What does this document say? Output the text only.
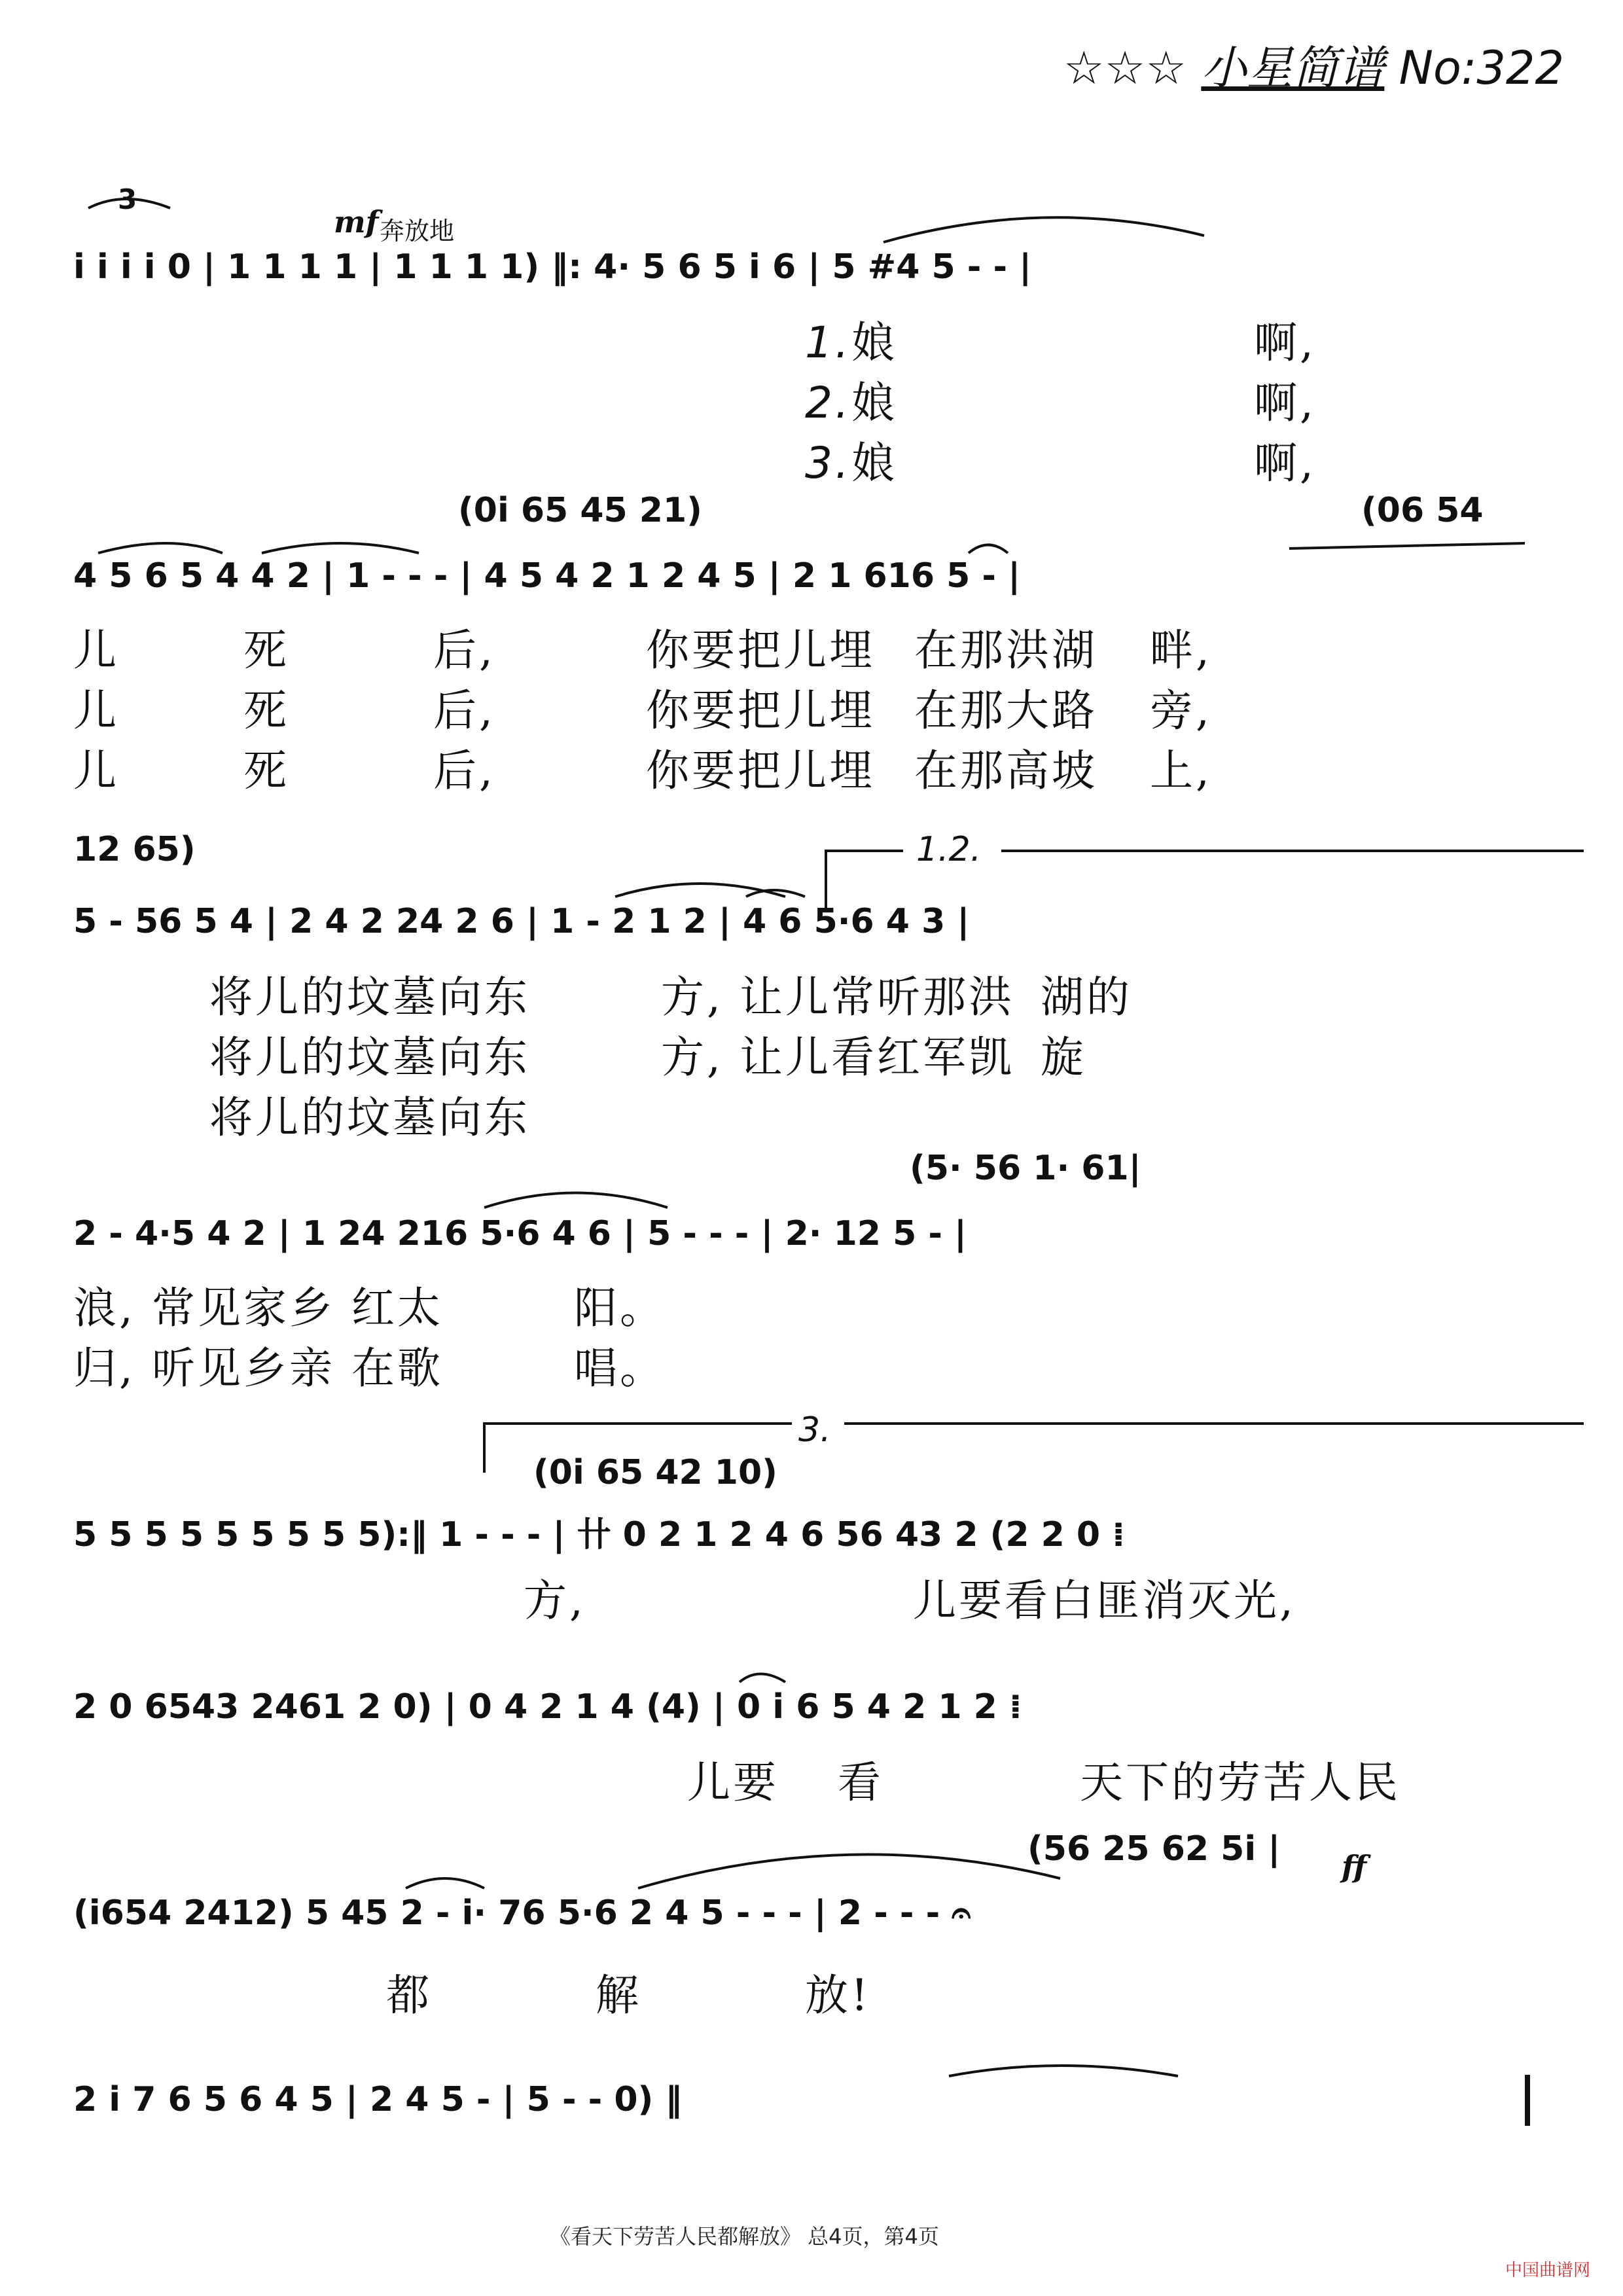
☆☆☆ 小星简谱 No:322
mf 奔放地
3
i i i i 0 | 1 1 1 1 | 1 1 1 1) ‖: 4· 5 6 5 i 6 | 5 #4 5 - - |
1.娘	啊,
2.娘	啊,
3.娘	啊,
(0i 65 45 21)	(06 54
4 5 6 5 4 4 2 | 1 - - - | 4 5 4 2 1 2 4 5 | 2 1 616 5 - |
儿	死	后,	你要把儿埋 在那洪湖 畔,
儿	死	后,	你要把儿埋 在那大路 旁,
儿	死	后,	你要把儿埋 在那高坡 上,
12 65)	1.2.
5 - 56 5 4 | 2 4 2 24 2 6 | 1 - 2 1 2 | 4 6 5·6 4 3 |
将儿的坟墓向东	方, 让儿常听那洪 湖的
将儿的坟墓向东	方, 让儿看红军凯 旋
将儿的坟墓向东
(5· 56 1· 61|
2 - 4·5 4 2 | 1 24 216 5·6 4 6 | 5 - - - | 2· 12 5 - |
浪, 常见家乡 红太	阳。
归, 听见乡亲 在歌	唱。
3.
(0i 65 42 10)
5 5 5 5 5 5 5 5 5):‖ 1 - - - | 卄 0 2 1 2 4 6 56 43 2 (2 2 0 ⁞
方,	儿要看白匪消灭光,
2 0 6543 2461 2 0) | 0 4 2 1 4 (4) | 0 i 6 5 4 2 1 2 ⁞
儿要 看	天下的劳苦人民
(56 25 62 5i | ff
(i654 2412) 5 45 2 - i· 76 5·6 2 4 5 - - - | 2 - - - 𝄐
都	解	放!
2 i 7 6 5 6 4 5 | 2 4 5 - | 5 - - 0) ‖
《看天下劳苦人民都解放》 总4页，第4页
中国曲谱网
